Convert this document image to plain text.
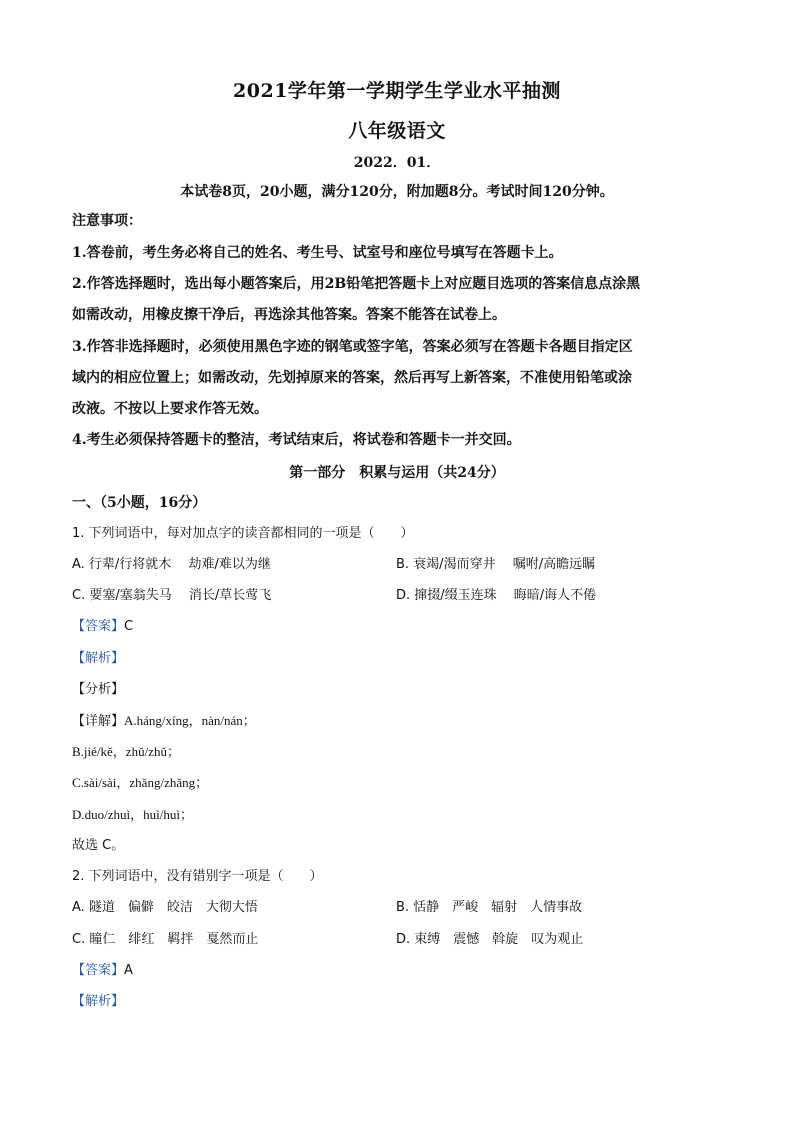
2021学年第一学期学生学业水平抽测
八年级语文
2022．01．
本试卷8页，20小题，满分120分，附加题8分。考试时间120分钟。
注意事项：
1.答卷前，考生务必将自己的姓名、考生号、试室号和座位号填写在答题卡上。
2.作答选择题时，选出每小题答案后，用2B铅笔把答题卡上对应题目选项的答案信息点涂黑
如需改动，用橡皮擦干净后，再选涂其他答案。答案不能答在试卷上。
3.作答非选择题时，必须使用黑色字迹的钢笔或签字笔，答案必须写在答题卡各题目指定区
域内的相应位置上；如需改动，先划掉原来的答案，然后再写上新答案，不准使用铅笔或涂
改液。不按以上要求作答无效。
4.考生必须保持答题卡的整洁，考试结束后，将试卷和答题卡一并交回。
第一部分　积累与运用（共24分）
一、（5小题，16分）
1. 下列词语中，每对加点字的读音都相同的一项是（　　）
A. 行辈/行将就木　 劫难/难以为继	B. 衰竭/渴而穿井　 嘱咐/高瞻远瞩
C. 要塞/塞翁失马　 消长/草长莺飞	D. 撺掇/缀玉连珠　 晦暗/诲人不倦
【答案】C
【解析】
【分析】
【详解】A.háng/xíng，nàn/nán；
B.jié/kě，zhǔ/zhǔ；
C.sài/sài，zhǎng/zhǎng；
D.duo/zhuì，huì/huì；
故选 C。
2. 下列词语中，没有错别字一项是（　　）
A. 隧道　偏僻　皎洁　大彻大悟	B. 恬静　严峻　辐射　人情事故
C. 瞳仁　绯红　羁拌　戛然而止	D. 束缚　震憾　斡旋　叹为观止
【答案】A
【解析】
